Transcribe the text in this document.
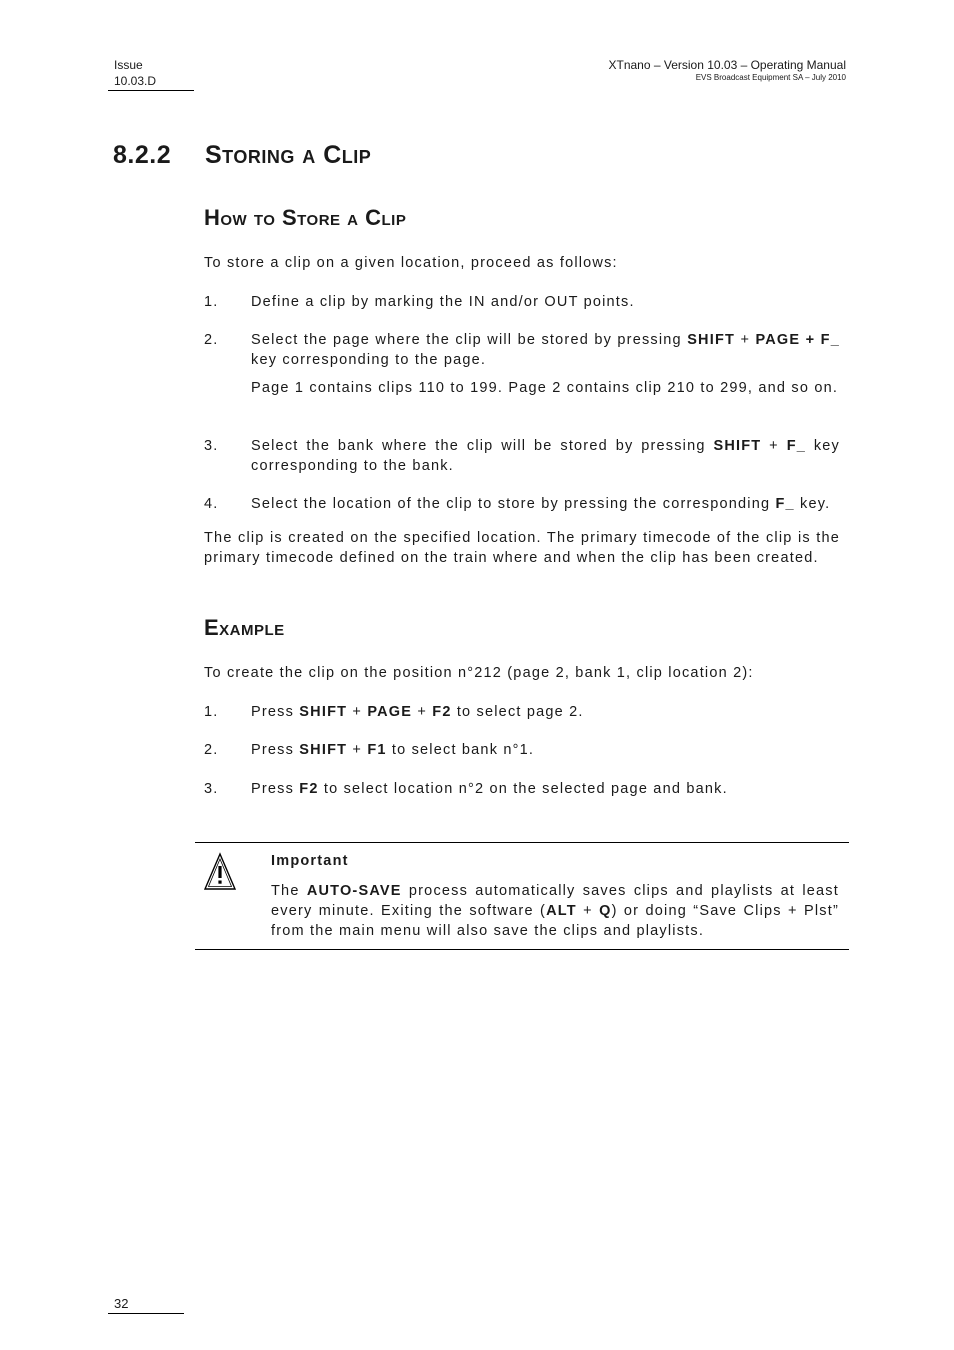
Issue
10.03.D
XTnano – Version 10.03 – Operating Manual
EVS Broadcast Equipment SA – July 2010
8.2.2 Storing a Clip
How to Store a Clip
To store a clip on a given location, proceed as follows:
1. Define a clip by marking the IN and/or OUT points.
2. Select the page where the clip will be stored by pressing SHIFT + PAGE + F_ key corresponding to the page.
Page 1 contains clips 110 to 199. Page 2 contains clip 210 to 299, and so on.
3. Select the bank where the clip will be stored by pressing SHIFT + F_ key corresponding to the bank.
4. Select the location of the clip to store by pressing the corresponding F_ key.
The clip is created on the specified location. The primary timecode of the clip is the primary timecode defined on the train where and when the clip has been created.
Example
To create the clip on the position n°212 (page 2, bank 1, clip location 2):
1. Press SHIFT + PAGE + F2 to select page 2.
2. Press SHIFT + F1 to select bank n°1.
3. Press F2 to select location n°2 on the selected page and bank.
Important
The AUTO-SAVE process automatically saves clips and playlists at least every minute. Exiting the software (ALT + Q) or doing “Save Clips + Plst” from the main menu will also save the clips and playlists.
32
